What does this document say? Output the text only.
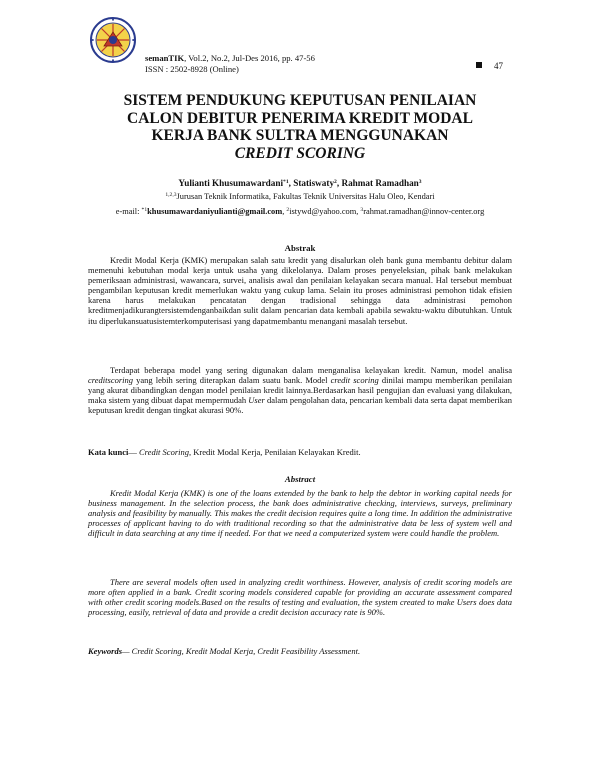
semanTIK, Vol.2, No.2, Jul-Des 2016, pp. 47-56
ISSN : 2502-8928 (Online)	47
SISTEM PENDUKUNG KEPUTUSAN PENILAIAN
CALON DEBITUR PENERIMA KREDIT MODAL
KERJA BANK SULTRA MENGGUNAKAN
CREDIT SCORING
Yulianti Khusumawardani$^{*1}$, Statiswaty$^2$, Rahmat Ramadhan$^3$
$^{1,2,3}$Jurusan Teknik Informatika, Fakultas Teknik Universitas Halu Oleo, Kendari
e-mail: $^{*1}$khusumawardaniyulianti@gmail.com, $^2$istywd@yahoo.com, $^3$rahmat.ramadhan@innov-center.org
Abstrak

Kredit Modal Kerja (KMK) merupakan salah satu kredit yang disalurkan oleh bank guna membantu debitur dalam memenuhi kebutuhan modal kerja untuk usaha yang dikelolanya. Dalam proses penyeleksian, pihak bank melakukan pemeriksaan administrasi, wawancara, survei, analisis awal dan penilaian kelayakan secara manual. Hal tersebut membuat pengambilan keputusan kredit memerlukan waktu yang cukup lama. Selain itu proses administrasi pemohon tidak efisien karena harus melakukan pencatatan dengan tradisional sehingga data administrasi pemohon kreditmenjadikurangtersistemdenganbaikdan sulit dalam pencarian data kembali apabila sewaktu-waktu dibutuhkan. Untuk itu diperlukansuatusistemterkomputerisasi yang dapatmembantu menangani masalah tersebut.

Terdapat beberapa model yang sering digunakan dalam menganalisa kelayakan kredit. Namun, model analisa creditscoring yang lebih sering diterapkan dalam suatu bank. Model credit scoring dinilai mampu memberikan penilaian yang akurat dibandingkan dengan model penilaian kredit lainnya.Berdasarkan hasil pengujian dan evaluasi yang dilakukan, maka sistem yang dibuat dapat mempermudah User dalam pengolahan data, pencarian kembali data serta dapat memberikan keputusan kredit dengan tingkat akurasi 90%.

Kata kunci— Credit Scoring, Kredit Modal Kerja, Penilaian Kelayakan Kredit.
Abstract

Kredit Modal Kerja (KMK) is one of the loans extended by the bank to help the debtor in working capital needs for business management. In the selection process, the bank does administrative checking, interviews, surveys, preliminary analysis and feasibility by manually. This makes the credit decision requires quite a long time. In addition the administrative processes of applicant having to do with traditional recording so that the administrative data be less of system well and difficult in data searching at any time if needed. For that we need a computerized system were could handle the problem.

There are several models often used in analyzing credit worthiness. However, analysis of credit scoring models are more often applied in a bank. Credit scoring models considered capable for providing an accurate assessment compared with other credit scoring models.Based on the results of testing and evaluation, the system created to make Users does data processing, easily, retrieval of data and provide a credit decision accuracy rate is 90%.

Keywords— Credit Scoring, Kredit Modal Kerja, Credit Feasibility Assessment.
